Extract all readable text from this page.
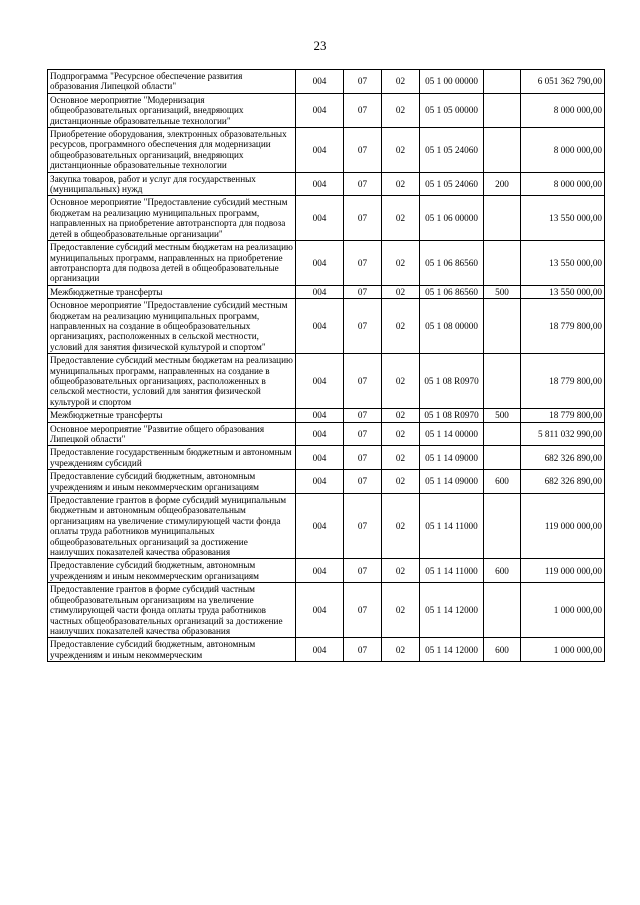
23
Подпрограмма "Ресурсное обеспечение развития образования Липецкой области"	004	07	02	05 1 00 00000		6 051 362 790,00
Основное мероприятие "Модернизация общеобразовательных организаций, внедряющих дистанционные образовательные технологии"	004	07	02	05 1 05 00000		8 000 000,00
Приобретение оборудования, электронных образовательных ресурсов, программного обеспечения для модернизации общеобразовательных организаций, внедряющих дистанционные образовательные технологии	004	07	02	05 1 05 24060		8 000 000,00
Закупка товаров, работ и услуг для государственных (муниципальных) нужд	004	07	02	05 1 05 24060	200	8 000 000,00
Основное мероприятие "Предоставление субсидий местным бюджетам на реализацию муниципальных программ, направленных на приобретение автотранспорта для подвоза детей в общеобразовательные организации"	004	07	02	05 1 06 00000		13 550 000,00
Предоставление субсидий местным бюджетам на реализацию муниципальных программ, направленных на приобретение автотранспорта для подвоза детей в общеобразовательные организации	004	07	02	05 1 06 86560		13 550 000,00
Межбюджетные трансферты	004	07	02	05 1 06 86560	500	13 550 000,00
Основное мероприятие "Предоставление субсидий местным бюджетам на реализацию муниципальных программ, направленных на создание в общеобразовательных организациях, расположенных в сельской местности, условий для занятия физической культурой и спортом"	004	07	02	05 1 08 00000		18 779 800,00
Предоставление субсидий местным бюджетам на реализацию муниципальных программ, направленных на создание в общеобразовательных организациях, расположенных в сельской местности, условий для занятия физической культурой и спортом	004	07	02	05 1 08 R0970		18 779 800,00
Межбюджетные трансферты	004	07	02	05 1 08 R0970	500	18 779 800,00
Основное мероприятие "Развитие общего образования Липецкой области"	004	07	02	05 1 14 00000		5 811 032 990,00
Предоставление государственным бюджетным и автономным учреждениям субсидий	004	07	02	05 1 14 09000		682 326 890,00
Предоставление субсидий бюджетным, автономным учреждениям и иным некоммерческим организациям	004	07	02	05 1 14 09000	600	682 326 890,00
Предоставление грантов в форме субсидий муниципальным бюджетным и автономным общеобразовательным организациям на увеличение стимулирующей части фонда оплаты труда работников муниципальных общеобразовательных организаций за достижение наилучших показателей качества образования	004	07	02	05 1 14 11000		119 000 000,00
Предоставление субсидий бюджетным, автономным учреждениям и иным некоммерческим организациям	004	07	02	05 1 14 11000	600	119 000 000,00
Предоставление грантов в форме субсидий частным общеобразовательным организациям на увеличение стимулирующей части фонда оплаты труда работников частных общеобразовательных организаций за достижение наилучших показателей качества образования	004	07	02	05 1 14 12000		1 000 000,00
Предоставление субсидий бюджетным, автономным учреждениям и иным некоммерческим	004	07	02	05 1 14 12000	600	1 000 000,00
